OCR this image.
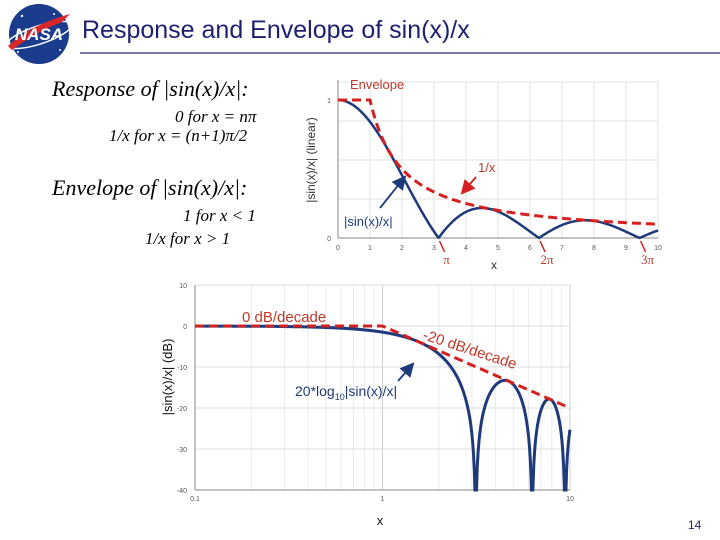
NASA Response and Envelope of sin(x)/x
Response of |sin(x)/x|:
0 for x = nπ
1/x for x = (n+1)π/2
Envelope of |sin(x)/x|:
1 for x < 1
1/x for x > 1
0	1	2	3	4	5	6	7	8	9	10
0
1
|sin(x)/x| (linear)
x
Envelope
1/x
|sin(x)/x|
π	2π	3π
0.1	1	10
10
0
-10
-20
-30
-40
|sin(x)/x| (dB)
x
0 dB/decade
-20 dB/decade
$20*\log_{10}|\sin(x)/x|$
14
